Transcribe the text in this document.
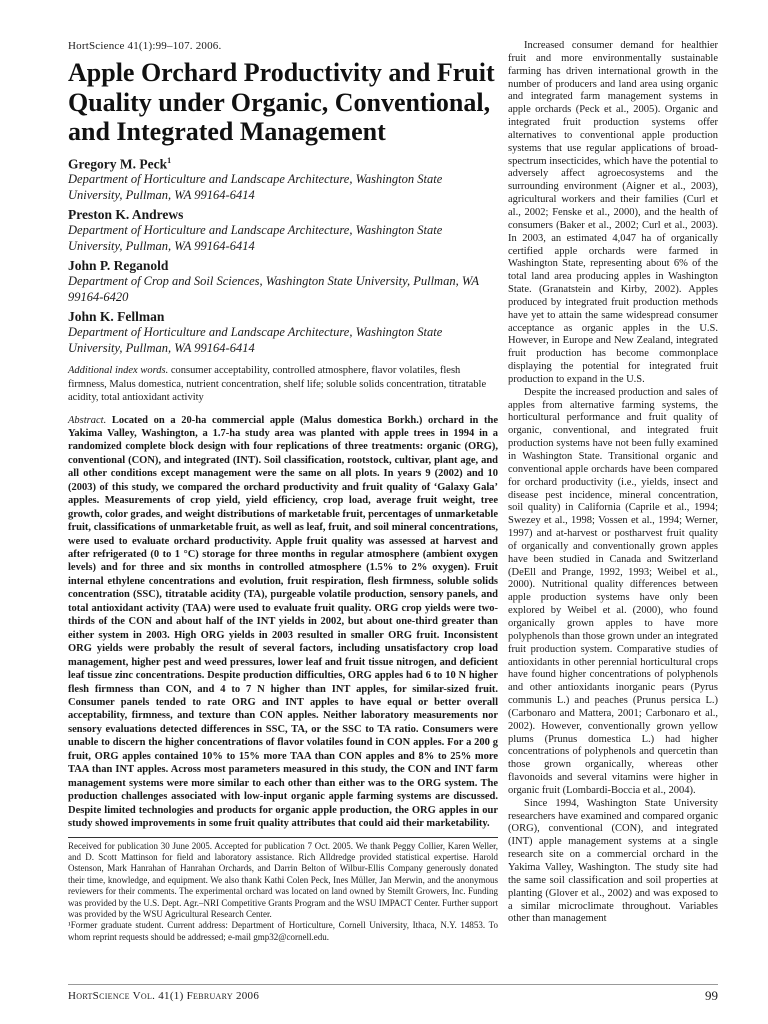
HortScience 41(1):99–107. 2006.
Apple Orchard Productivity and Fruit Quality under Organic, Conventional, and Integrated Management
Gregory M. Peck$^1$
Department of Horticulture and Landscape Architecture, Washington State University, Pullman, WA 99164-6414
Preston K. Andrews
Department of Horticulture and Landscape Architecture, Washington State University, Pullman, WA 99164-6414
John P. Reganold
Department of Crop and Soil Sciences, Washington State University, Pullman, WA 99164-6420
John K. Fellman
Department of Horticulture and Landscape Architecture, Washington State University, Pullman, WA 99164-6414
Additional index words. consumer acceptability, controlled atmosphere, flavor volatiles, flesh firmness, Malus domestica, nutrient concentration, shelf life; soluble solids concentration, titratable acidity, total antioxidant activity
Abstract. Located on a 20-ha commercial apple (Malus domestica Borkh.) orchard in the Yakima Valley, Washington, a 1.7-ha study area was planted with apple trees in 1994 in a randomized complete block design with four replications of three treatments: organic (ORG), conventional (CON), and integrated (INT). Soil classification, rootstock, cultivar, plant age, and all other conditions except management were the same on all plots. In years 9 (2002) and 10 (2003) of this study, we compared the orchard productivity and fruit quality of ‘Galaxy Gala’ apples. Measurements of crop yield, yield efficiency, crop load, average fruit weight, tree growth, color grades, and weight distributions of marketable fruit, percentages of unmarketable fruit, classifications of unmarketable fruit, as well as leaf, fruit, and soil mineral concentrations, were used to evaluate orchard productivity. Apple fruit quality was assessed at harvest and after refrigerated (0 to 1 °C) storage for three months in regular atmosphere (ambient oxygen levels) and for three and six months in controlled atmosphere (1.5% to 2% oxygen). Fruit internal ethylene concentrations and evolution, fruit respiration, flesh firmness, soluble solids concentration (SSC), titratable acidity (TA), purgeable volatile production, sensory panels, and total antioxidant activity (TAA) were used to evaluate fruit quality. ORG crop yields were two-thirds of the CON and about half of the INT yields in 2002, but about one-third greater than either system in 2003. High ORG yields in 2003 resulted in smaller ORG fruit. Inconsistent ORG yields were probably the result of several factors, including unsatisfactory crop load management, higher pest and weed pressures, lower leaf and fruit tissue nitrogen, and deficient leaf tissue zinc concentrations. Despite production difficulties, ORG apples had 6 to 10 N higher flesh firmness than CON, and 4 to 7 N higher than INT apples, for similar-sized fruit. Consumer panels tended to rate ORG and INT apples to have equal or better overall acceptability, firmness, and texture than CON apples. Neither laboratory measurements nor sensory evaluations detected differences in SSC, TA, or the SSC to TA ratio. Consumers were unable to discern the higher concentrations of flavor volatiles found in CON apples. For a 200 g fruit, ORG apples contained 10% to 15% more TAA than CON apples and 8% to 25% more TAA than INT apples. Across most parameters measured in this study, the CON and INT farm management systems were more similar to each other than either was to the ORG system. The production challenges associated with low-input organic apple farming systems are discussed. Despite limited technologies and products for organic apple production, the ORG apples in our study showed improvements in some fruit quality attributes that could aid their marketability.

Received for publication 30 June 2005. Accepted for publication 7 Oct. 2005. We thank Peggy Collier, Karen Weller, and D. Scott Mattinson for field and laboratory assistance. Rich Alldredge provided statistical expertise. Harold Ostenson, Mark Hanrahan of Hanrahan Orchards, and Darrin Belton of Wilbur-Ellis Company generously donated their time, knowledge, and equipment. We also thank Kathi Colen Peck, Ines Müller, Jan Merwin, and the anonymous reviewers for their comments. The experimental orchard was located on land owned by Stemilt Growers, Inc. Funding was provided by the U.S. Dept. Agr.–NRI Competitive Grants Program and the WSU IMPACT Center. Further support was provided by the WSU Agricultural Research Center.

¹Former graduate student. Current address: Department of Horticulture, Cornell University, Ithaca, N.Y. 14853. To whom reprint requests should be addressed; e-mail gmp32@cornell.edu.

Increased consumer demand for healthier fruit and more environmentally sustainable farming has driven international growth in the number of producers and land area using organic and integrated farm management systems in apple orchards (Peck et al., 2005). Organic and integrated fruit production systems offer alternatives to conventional apple production systems that use regular applications of broad-spectrum insecticides, which have the potential to adversely affect agroecosystems and the surrounding environment (Aigner et al., 2003), agricultural workers and their families (Curl et al., 2002; Fenske et al., 2000), and the health of consumers (Baker et al., 2002; Curl et al., 2003). In 2003, an estimated 4,047 ha of organically certified apple orchards were farmed in Washington State, representing about 6% of the total land area producing apples in Washington State. (Granatstein and Kirby, 2002). Apples produced by integrated fruit production methods have yet to attain the same widespread consumer acceptance as organic apples in the U.S. However, in Europe and New Zealand, integrated fruit production has become commonplace displaying the potential for integrated fruit production to expand in the U.S.

Despite the increased production and sales of apples from alternative farming systems, the horticultural performance and fruit quality of organic, conventional, and integrated fruit production systems have not been fully examined in Washington State. Transitional organic and conventional apple orchards have been compared for orchard productivity (i.e., yields, insect and disease pest incidence, mineral concentration, soil quality) in California (Caprile et al., 1994; Swezey et al., 1998; Vossen et al., 1994; Werner, 1997) and at-harvest or postharvest fruit quality of organically and conventionally grown apples have been studied in Canada and Switzerland (DeEll and Prange, 1992, 1993; Weibel et al., 2000). Nutritional quality differences between apple production systems have only been explored by Weibel et al. (2000), who found organically grown apples to have more polyphenols than those grown under an integrated fruit production system. Comparative studies of antioxidants in other perennial horticultural crops have found higher concentrations of polyphenols and other antioxidants inorganic pears (Pyrus communis L.) and peaches (Prunus persica L.) (Carbonaro and Mattera, 2001; Carbonaro et al., 2002). However, conventionally grown yellow plums (Prunus domestica L.) had higher concentrations of polyphenols and quercetin than those grown organically, whereas other flavonoids and several vitamins were higher in organic fruit (Lombardi-Boccia et al., 2004).

Since 1994, Washington State University researchers have examined and compared organic (ORG), conventional (CON), and integrated (INT) apple management systems at a single research site on a commercial orchard in the Yakima Valley, Washington. The study site had the same soil classification and soil properties at planting (Glover et al., 2002) and was exposed to a similar microclimate throughout. Variables other than management

HortScience Vol. 41(1) February 2006	99
